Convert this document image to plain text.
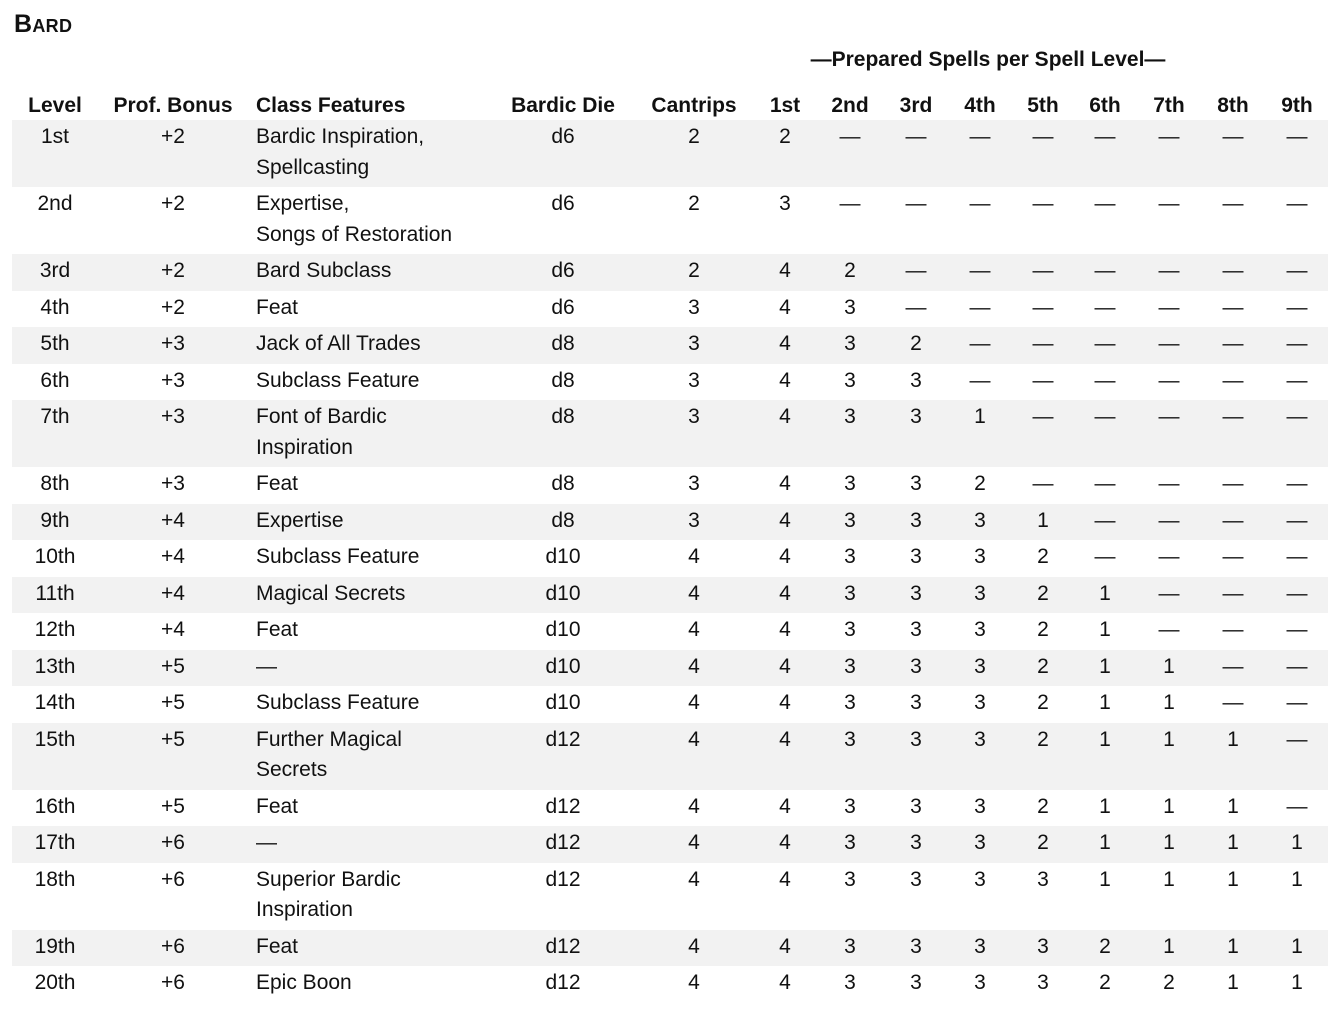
Bard
—Prepared Spells per Spell Level—
Level	Prof. Bonus	Class Features	Bardic Die	Cantrips	1st	2nd	3rd	4th	5th	6th	7th	8th	9th
1st	+2	Bardic Inspiration,
Spellcasting	d6	2	2	—	—	—	—	—	—	—	—
2nd	+2	Expertise,
Songs of Restoration	d6	2	3	—	—	—	—	—	—	—	—
3rd	+2	Bard Subclass	d6	2	4	2	—	—	—	—	—	—	—
4th	+2	Feat	d6	3	4	3	—	—	—	—	—	—	—
5th	+3	Jack of All Trades	d8	3	4	3	2	—	—	—	—	—	—
6th	+3	Subclass Feature	d8	3	4	3	3	—	—	—	—	—	—
7th	+3	Font of Bardic
Inspiration	d8	3	4	3	3	1	—	—	—	—	—
8th	+3	Feat	d8	3	4	3	3	2	—	—	—	—	—
9th	+4	Expertise	d8	3	4	3	3	3	1	—	—	—	—
10th	+4	Subclass Feature	d10	4	4	3	3	3	2	—	—	—	—
11th	+4	Magical Secrets	d10	4	4	3	3	3	2	1	—	—	—
12th	+4	Feat	d10	4	4	3	3	3	2	1	—	—	—
13th	+5	—	d10	4	4	3	3	3	2	1	1	—	—
14th	+5	Subclass Feature	d10	4	4	3	3	3	2	1	1	—	—
15th	+5	Further Magical
Secrets	d12	4	4	3	3	3	2	1	1	1	—
16th	+5	Feat	d12	4	4	3	3	3	2	1	1	1	—
17th	+6	—	d12	4	4	3	3	3	2	1	1	1	1
18th	+6	Superior Bardic
Inspiration	d12	4	4	3	3	3	3	1	1	1	1
19th	+6	Feat	d12	4	4	3	3	3	3	2	1	1	1
20th	+6	Epic Boon	d12	4	4	3	3	3	3	2	2	1	1
